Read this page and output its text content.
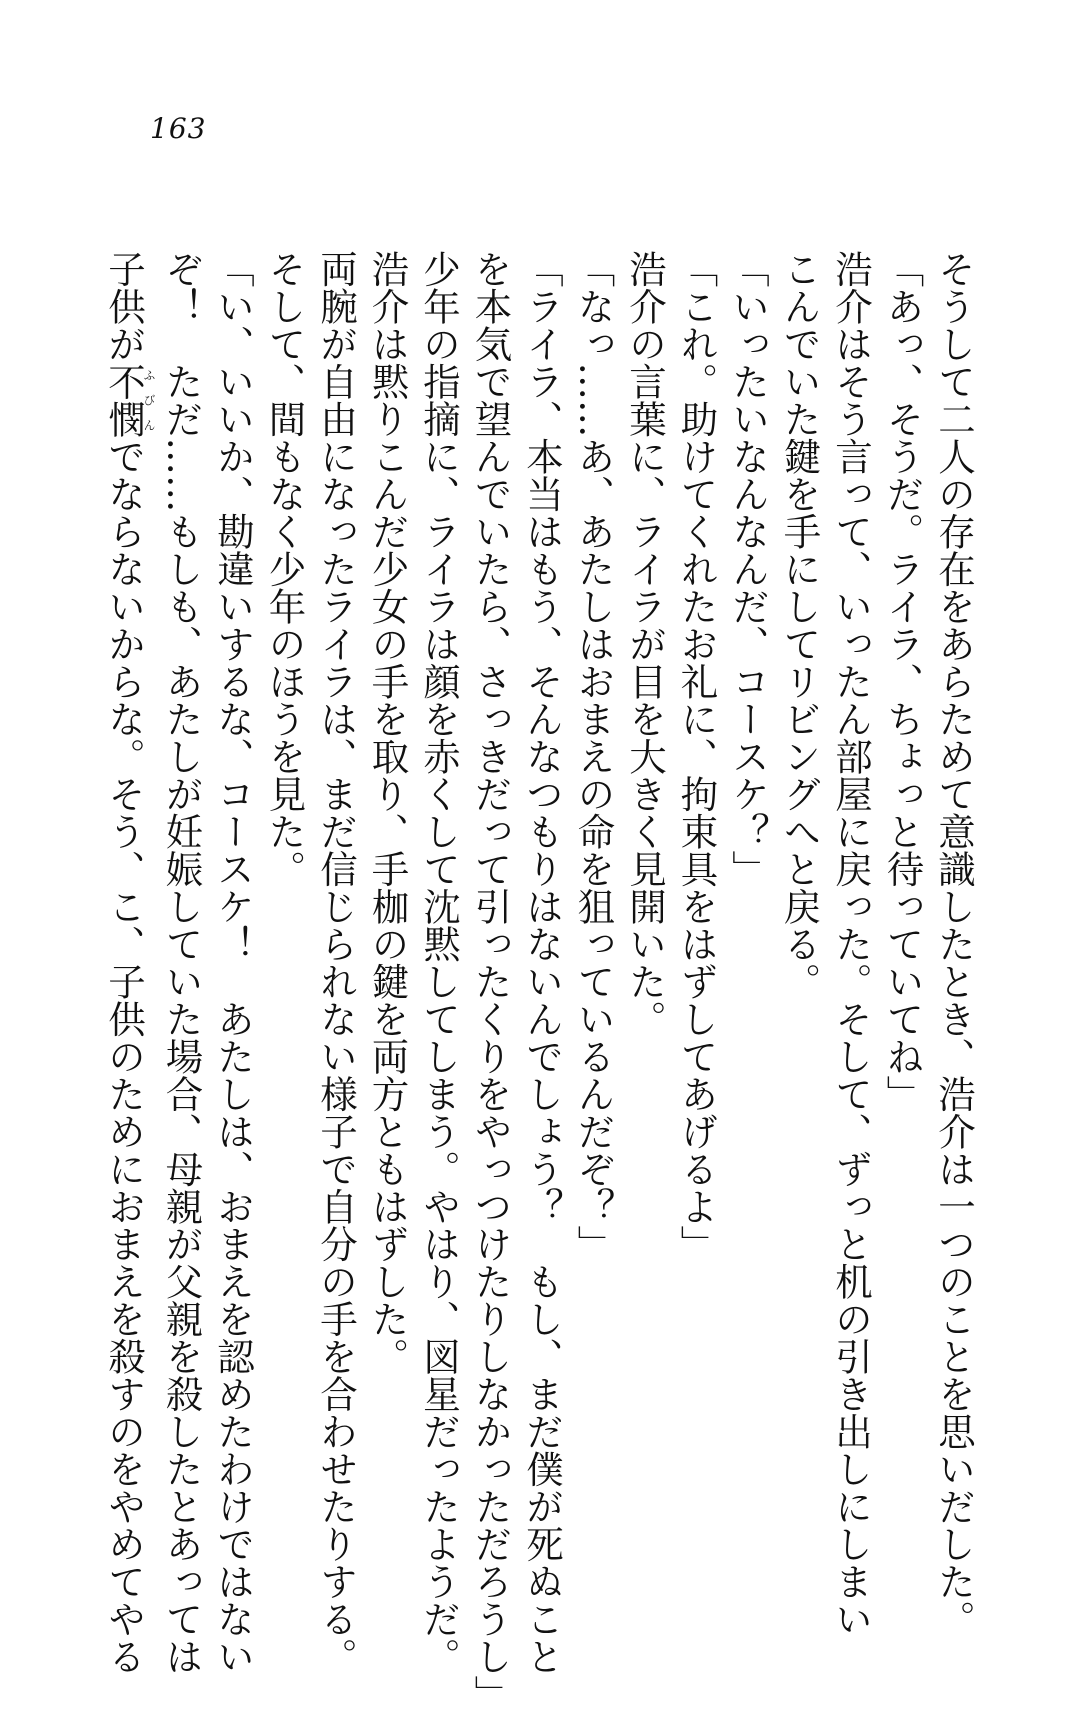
163
そうして二人の存在をあらためて意識したとき、浩介は一つのことを思いだした。
「あっ、そうだ。ライラ、ちょっと待っていてね」
浩介はそう言って、いったん部屋に戻った。そして、ずっと机の引き出しにしまい
こんでいた鍵を手にしてリビングへと戻る。
「いったいなんなんだ、コースケ？」
「これ。助けてくれたお礼に、拘束具をはずしてあげるよ」
浩介の言葉に、ライラが目を大きく見開いた。
「なっ……あ、あたしはおまえの命を狙っているんだぞ？」
「ライラ、本当はもう、そんなつもりはないんでしょう？　もし、まだ僕が死ぬこと
を本気で望んでいたら、さっきだって引ったくりをやっつけたりしなかっただろうし」
少年の指摘に、ライラは顔を赤くして沈黙してしまう。やはり、図星だったようだ。
浩介は黙りこんだ少女の手を取り、手枷の鍵を両方ともはずした。
両腕が自由になったライラは、まだ信じられない様子で自分の手を合わせたりする。
そして、間もなく少年のほうを見た。
「い、いいか、勘違いするな、コースケ！　あたしは、おまえを認めたわけではない
ぞ！　ただ……もしも、あたしが妊娠していた場合、母親が父親を殺したとあっては
子供が不憫ふびんでならないからな。そう、こ、子供のためにおまえを殺すのをやめてやる
